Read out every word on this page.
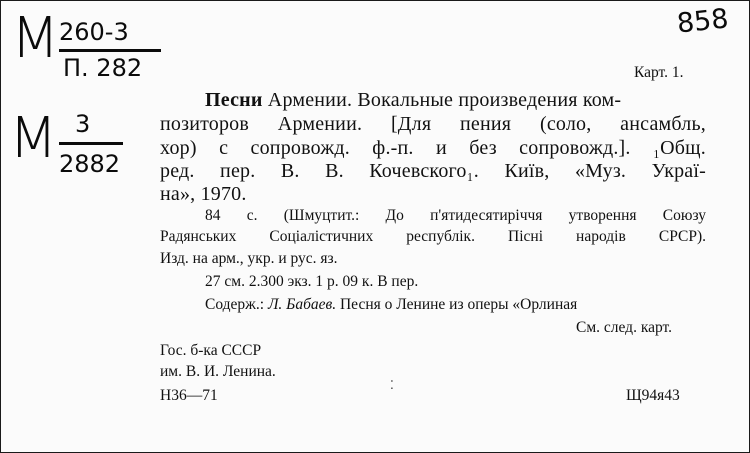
М 260-3
П. 282
М 3
2882
858
Карт. 1.
Песни Армении. Вокальные произведения ком-
позиторов Армении. [Для пения (соло, ансамбль,
хор) с сопровожд. ф.-п. и без сопровожд.]. ₁Общ.
ред. пер. В. В. Кочевского₁. Київ, «Муз. Украї-
на», 1970.
84 с. (Шмуцтит.: До п'ятидесятиріччя утворення Союзу
Радянських Соціалістичних республік. Пісні народів СРСР).
Изд. на арм., укр. и рус. яз.
27 см. 2.300 экз. 1 р. 09 к. В пер.
Содерж.: Л. Бабаев. Песня о Ленине из оперы «Орлиная
См. след. карт.
Гос. б-ка СССР
им. В. И. Ленина.
⁚
Н36—71	Щ94я43
